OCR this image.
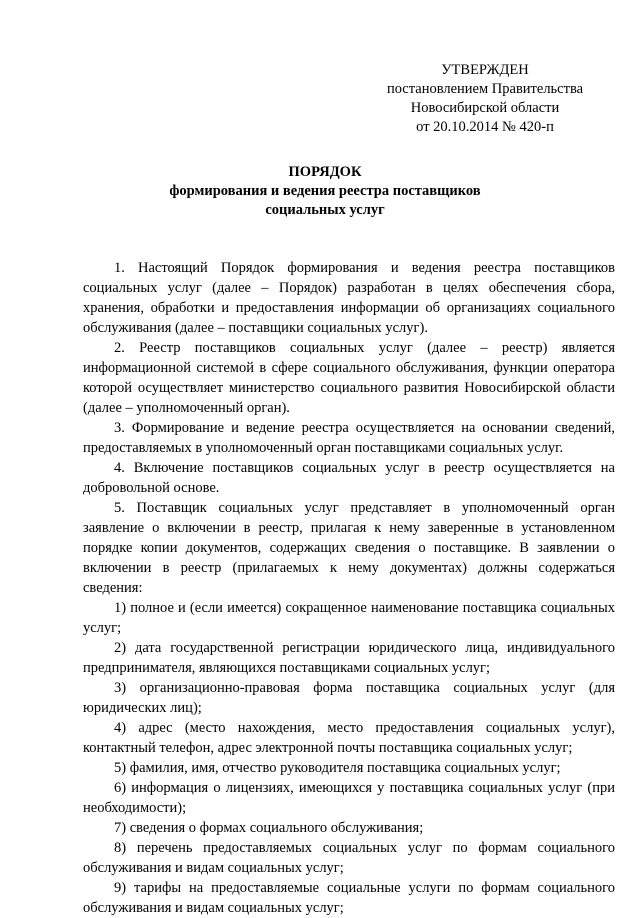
УТВЕРЖДЕН
постановлением Правительства
Новосибирской области
от 20.10.2014 № 420-п
ПОРЯДОК
формирования и ведения реестра поставщиков
социальных услуг

1. Настоящий Порядок формирования и ведения реестра поставщиков социальных услуг (далее – Порядок) разработан в целях обеспечения сбора, хранения, обработки и предоставления информации об организациях социального обслуживания (далее – поставщики социальных услуг).

2. Реестр поставщиков социальных услуг (далее – реестр) является информационной системой в сфере социального обслуживания, функции оператора которой осуществляет министерство социального развития Новосибирской области (далее – уполномоченный орган).

3. Формирование и ведение реестра осуществляется на основании сведений, предоставляемых в уполномоченный орган поставщиками социальных услуг.

4. Включение поставщиков социальных услуг в реестр осуществляется на добровольной основе.

5. Поставщик социальных услуг представляет в уполномоченный орган заявление о включении в реестр, прилагая к нему заверенные в установленном порядке копии документов, содержащих сведения о поставщике. В заявлении о включении в реестр (прилагаемых к нему документах) должны содержаться сведения:

1) полное и (если имеется) сокращенное наименование поставщика социальных услуг;

2) дата государственной регистрации юридического лица, индивидуального предпринимателя, являющихся поставщиками социальных услуг;

3) организационно-правовая форма поставщика социальных услуг (для юридических лиц);

4) адрес (место нахождения, место предоставления социальных услуг), контактный телефон, адрес электронной почты поставщика социальных услуг;

5) фамилия, имя, отчество руководителя поставщика социальных услуг;

6) информация о лицензиях, имеющихся у поставщика социальных услуг (при необходимости);

7) сведения о формах социального обслуживания;

8) перечень предоставляемых социальных услуг по формам социального обслуживания и видам социальных услуг;

9) тарифы на предоставляемые социальные услуги по формам социального обслуживания и видам социальных услуг;
